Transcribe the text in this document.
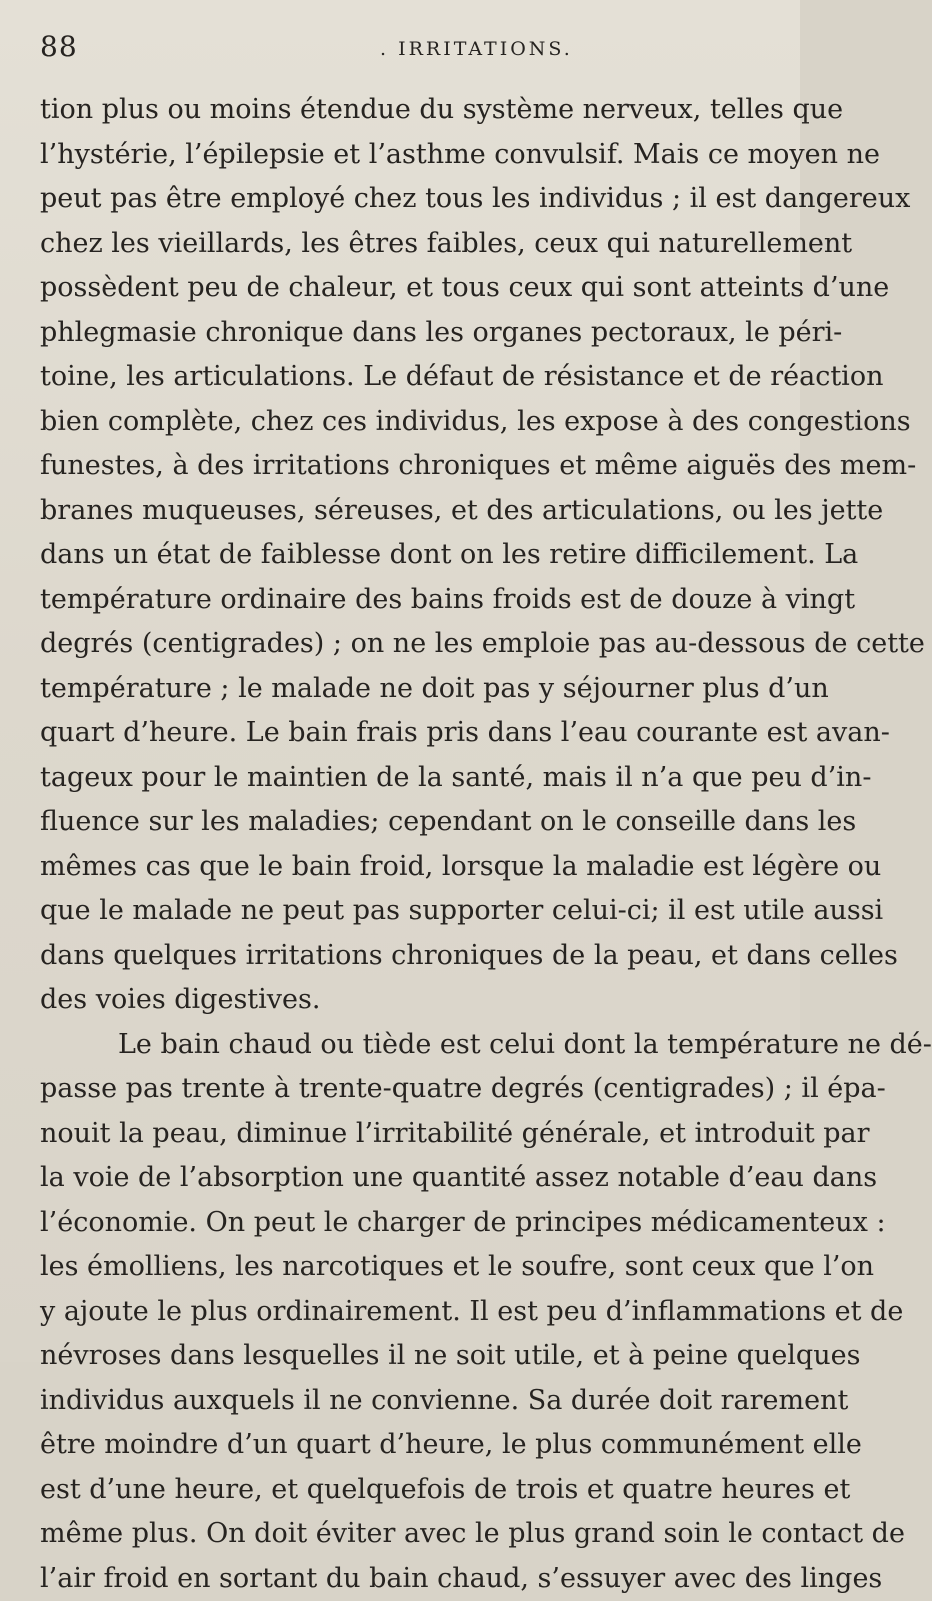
88	. IRRITATIONS.
tion plus ou moins étendue du système nerveux, telles que
l’hystérie, l’épilepsie et l’asthme convulsif. Mais ce moyen ne
peut pas être employé chez tous les individus ; il est dangereux
chez les vieillards, les êtres faibles, ceux qui naturellement
possèdent peu de chaleur, et tous ceux qui sont atteints d’une
phlegmasie chronique dans les organes pectoraux, le péri-
toine, les articulations. Le défaut de résistance et de réaction
bien complète, chez ces individus, les expose à des congestions
funestes, à des irritations chroniques et même aiguës des mem-
branes muqueuses, séreuses, et des articulations, ou les jette
dans un état de faiblesse dont on les retire difficilement. La
température ordinaire des bains froids est de douze à vingt
degrés (centigrades) ; on ne les emploie pas au-dessous de cette
température ; le malade ne doit pas y séjourner plus d’un
quart d’heure. Le bain frais pris dans l’eau courante est avan-
tageux pour le maintien de la santé, mais il n’a que peu d’in-
fluence sur les maladies; cependant on le conseille dans les
mêmes cas que le bain froid, lorsque la maladie est légère ou
que le malade ne peut pas supporter celui-ci; il est utile aussi
dans quelques irritations chroniques de la peau, et dans celles
des voies digestives.
Le bain chaud ou tiède est celui dont la température ne dé-
passe pas trente à trente-quatre degrés (centigrades) ; il épa-
nouit la peau, diminue l’irritabilité générale, et introduit par
la voie de l’absorption une quantité assez notable d’eau dans
l’économie. On peut le charger de principes médicamenteux :
les émolliens, les narcotiques et le soufre, sont ceux que l’on
y ajoute le plus ordinairement. Il est peu d’inflammations et de
névroses dans lesquelles il ne soit utile, et à peine quelques
individus auxquels il ne convienne. Sa durée doit rarement
être moindre d’un quart d’heure, le plus communément elle
est d’une heure, et quelquefois de trois et quatre heures et
même plus. On doit éviter avec le plus grand soin le contact de
l’air froid en sortant du bain chaud, s’essuyer avec des linges
